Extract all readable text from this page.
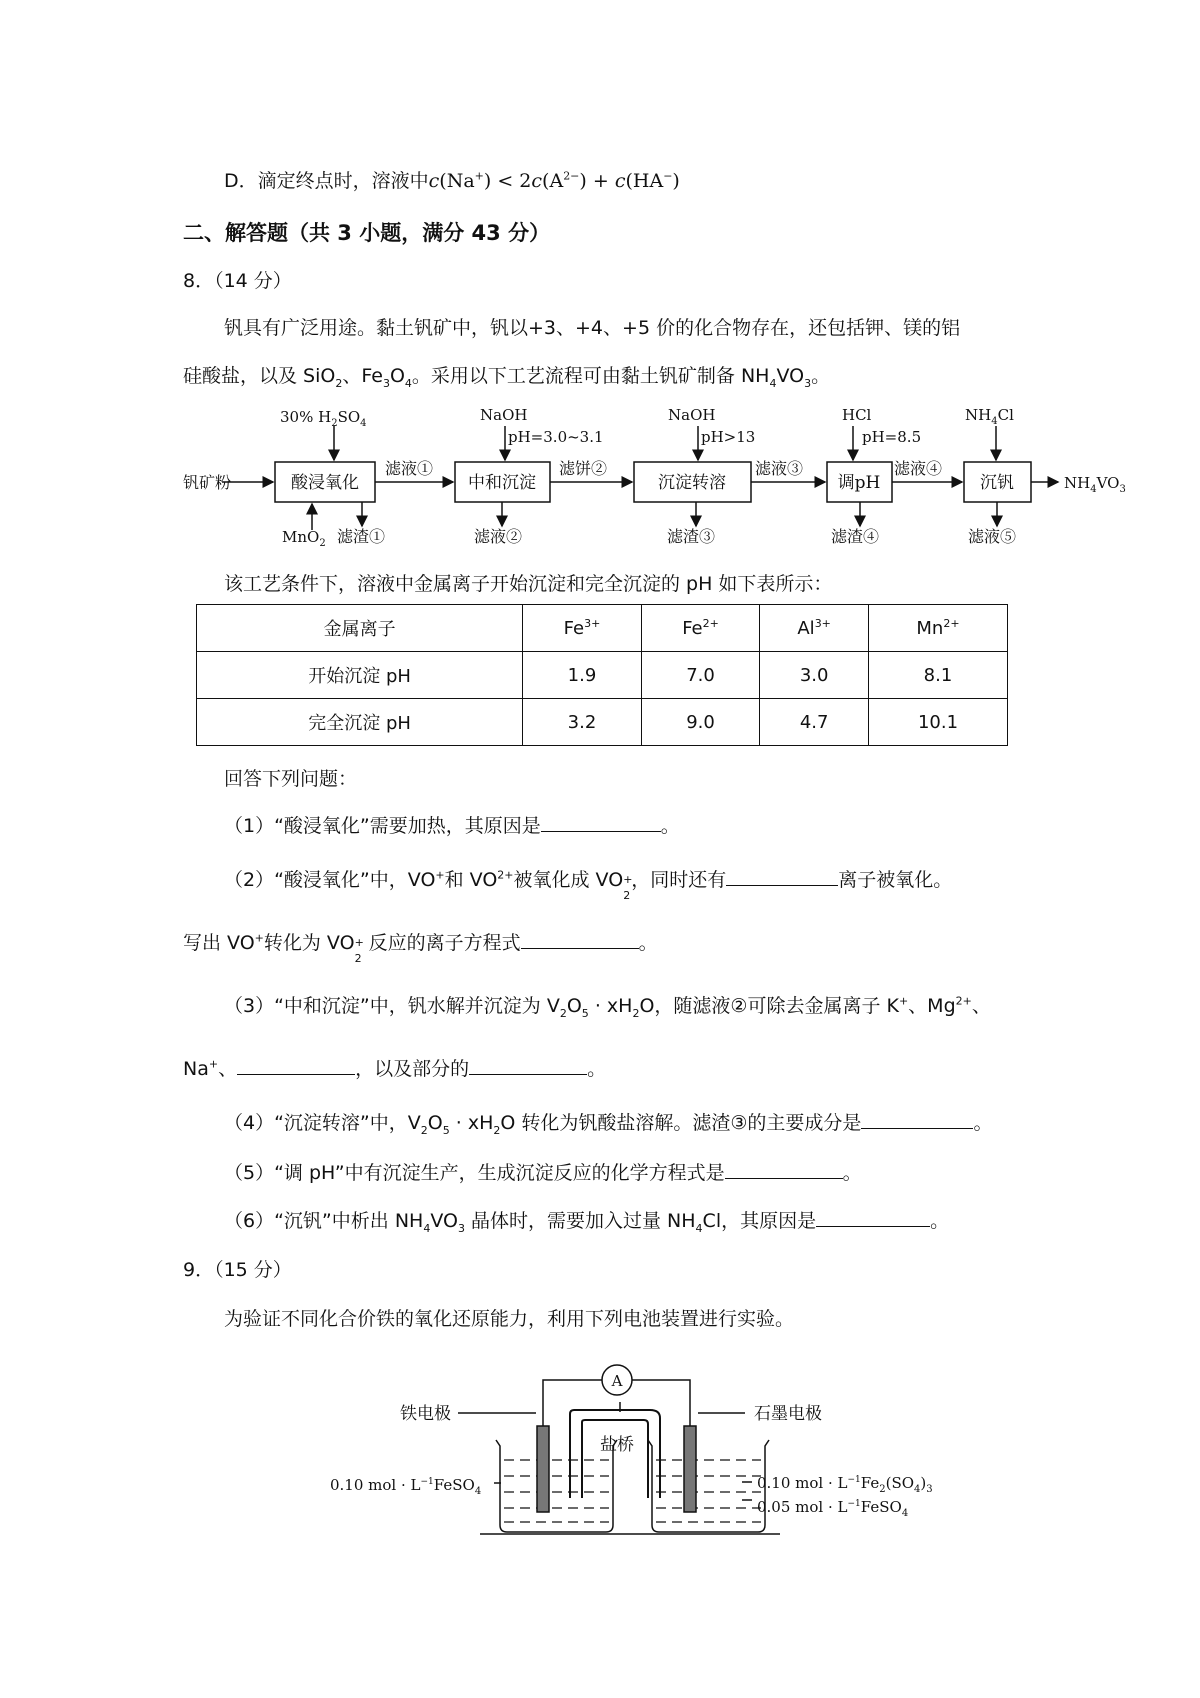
D．滴定终点时，溶液中$c(Na^+) < 2c(A^{2-}) + c(HA^-)$
二、解答题（共 3 小题，满分 43 分）
8．（14 分）
钒具有广泛用途。黏土钒矿中，钒以+3、+4、+5 价的化合物存在，还包括钾、镁的铝
硅酸盐，以及 SiO$_2$、$Fe_3O_4$。采用以下工艺流程可由黏土钒矿制备 $NH_4VO_3$。
钒矿粉	$NH_4VO_3$
酸浸氧化	中和沉淀	沉淀转溶	调pH	沉钒
30% $H_2SO_4$	NaOH
pH=3.0~3.1
NaOH
pH>13
HCl
pH=8.5
$NH_4Cl$
滤液①	滤饼②	滤液③	滤液④
MnO$_2$ 滤渣①	滤液②	滤渣③	滤渣④	滤液⑤
该工艺条件下，溶液中金属离子开始沉淀和完全沉淀的 pH 如下表所示：
金属离子	$Fe^{3+}$	$Fe^{2+}$	$Al^{3+}$	$Mn^{2+}$
开始沉淀 pH	1.9	7.0	3.0	8.1
完全沉淀 pH	3.2	9.0	4.7	10.1
回答下列问题：
（1）“酸浸氧化”需要加热，其原因是	。
（2）“酸浸氧化”中，VO+和 $VO^{2+}$被氧化成 VO +
2
，同时还有	离子被氧化。
写出 VO+转化为 VO +
2
反应的离子方程式	。
（3）“中和沉淀”中，钒水解并沉淀为 $V_2O_5 \cdot xH_2O$，随滤液②可除去金属离子 K+、$Mg^{2+}$、
Na+、	，以及部分的	。
（4）“沉淀转溶”中，$V_2O_5 \cdot xH_2O$ 转化为钒酸盐溶解。滤渣③的主要成分是	。
（5）“调 pH”中有沉淀生产，生成沉淀反应的化学方程式是	。
（6）“沉钒”中析出 $NH_4VO_3$ 晶体时，需要加入过量 $NH_4Cl$，其原因是	。
9．（15 分）
为验证不同化合价铁的氧化还原能力，利用下列电池装置进行实验。
A
铁电极	石墨电极
盐桥
0.10 mol · $L^{-1}FeSO_4$	0.10 mol · $L^{-1}Fe_2(SO_4)_3$
0.05 mol · $L^{-1}FeSO_4$
